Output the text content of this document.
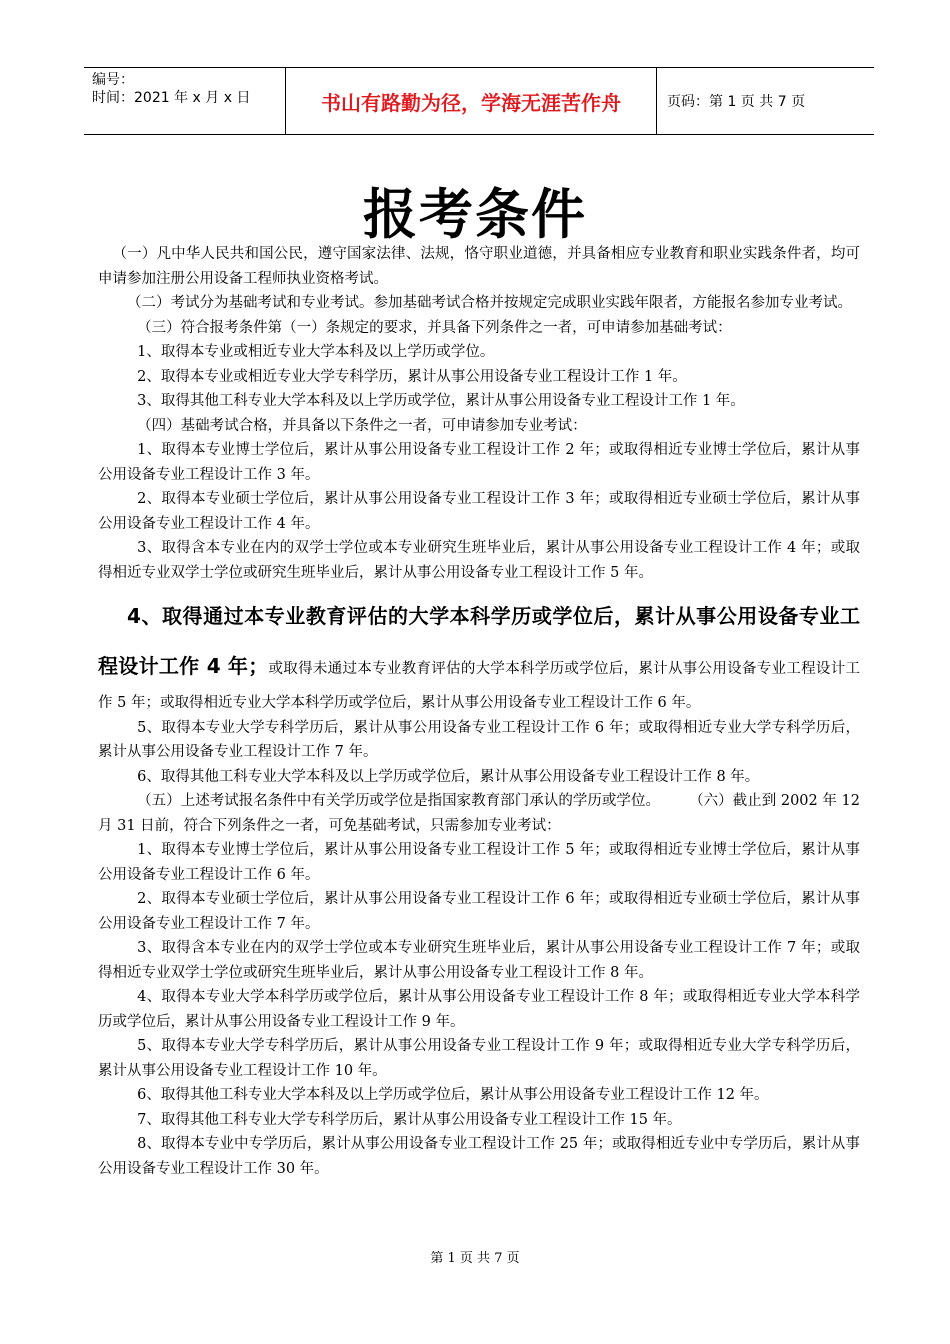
编号：
时间：2021 年 x 月 x 日	书山有路勤为径，学海无涯苦作舟	页码：第 1 页 共 7 页
报考条件

（一）凡中华人民共和国公民，遵守国家法律、法规，恪守职业道德，并具备相应专业教育和职业实践条件者，均可申请参加注册公用设备工程师执业资格考试。

（二）考试分为基础考试和专业考试。参加基础考试合格并按规定完成职业实践年限者，方能报名参加专业考试。

（三）符合报考条件第（一）条规定的要求，并具备下列条件之一者，可申请参加基础考试：

1、取得本专业或相近专业大学本科及以上学历或学位。

2、取得本专业或相近专业大学专科学历，累计从事公用设备专业工程设计工作 1 年。

3、取得其他工科专业大学本科及以上学历或学位，累计从事公用设备专业工程设计工作 1 年。

（四）基础考试合格，并具备以下条件之一者，可申请参加专业考试：

1、取得本专业博士学位后，累计从事公用设备专业工程设计工作 2 年；或取得相近专业博士学位后，累计从事公用设备专业工程设计工作 3 年。

2、取得本专业硕士学位后，累计从事公用设备专业工程设计工作 3 年；或取得相近专业硕士学位后，累计从事公用设备专业工程设计工作 4 年。

3、取得含本专业在内的双学士学位或本专业研究生班毕业后，累计从事公用设备专业工程设计工作 4 年；或取得相近专业双学士学位或研究生班毕业后，累计从事公用设备专业工程设计工作 5 年。

4、取得通过本专业教育评估的大学本科学历或学位后，累计从事公用设备专业工程设计工作 4 年；或取得未通过本专业教育评估的大学本科学历或学位后，累计从事公用设备专业工程设计工作 5 年；或取得相近专业大学本科学历或学位后，累计从事公用设备专业工程设计工作 6 年。

5、取得本专业大学专科学历后，累计从事公用设备专业工程设计工作 6 年；或取得相近专业大学专科学历后，累计从事公用设备专业工程设计工作 7 年。

6、取得其他工科专业大学本科及以上学历或学位后，累计从事公用设备专业工程设计工作 8 年。

（五）上述考试报名条件中有关学历或学位是指国家教育部门承认的学历或学位。　　　（六）截止到 2002 年 12 月 31 日前，符合下列条件之一者，可免基础考试，只需参加专业考试：

1、取得本专业博士学位后，累计从事公用设备专业工程设计工作 5 年；或取得相近专业博士学位后，累计从事公用设备专业工程设计工作 6 年。

2、取得本专业硕士学位后，累计从事公用设备专业工程设计工作 6 年；或取得相近专业硕士学位后，累计从事公用设备专业工程设计工作 7 年。

3、取得含本专业在内的双学士学位或本专业研究生班毕业后，累计从事公用设备专业工程设计工作 7 年；或取得相近专业双学士学位或研究生班毕业后，累计从事公用设备专业工程设计工作 8 年。

4、取得本专业大学本科学历或学位后，累计从事公用设备专业工程设计工作 8 年；或取得相近专业大学本科学历或学位后，累计从事公用设备专业工程设计工作 9 年。

5、取得本专业大学专科学历后，累计从事公用设备专业工程设计工作 9 年；或取得相近专业大学专科学历后，累计从事公用设备专业工程设计工作 10 年。

6、取得其他工科专业大学本科及以上学历或学位后，累计从事公用设备专业工程设计工作 12 年。

7、取得其他工科专业大学专科学历后，累计从事公用设备专业工程设计工作 15 年。

8、取得本专业中专学历后，累计从事公用设备专业工程设计工作 25 年；或取得相近专业中专学历后，累计从事公用设备专业工程设计工作 30 年。

第 1 页 共 7 页
